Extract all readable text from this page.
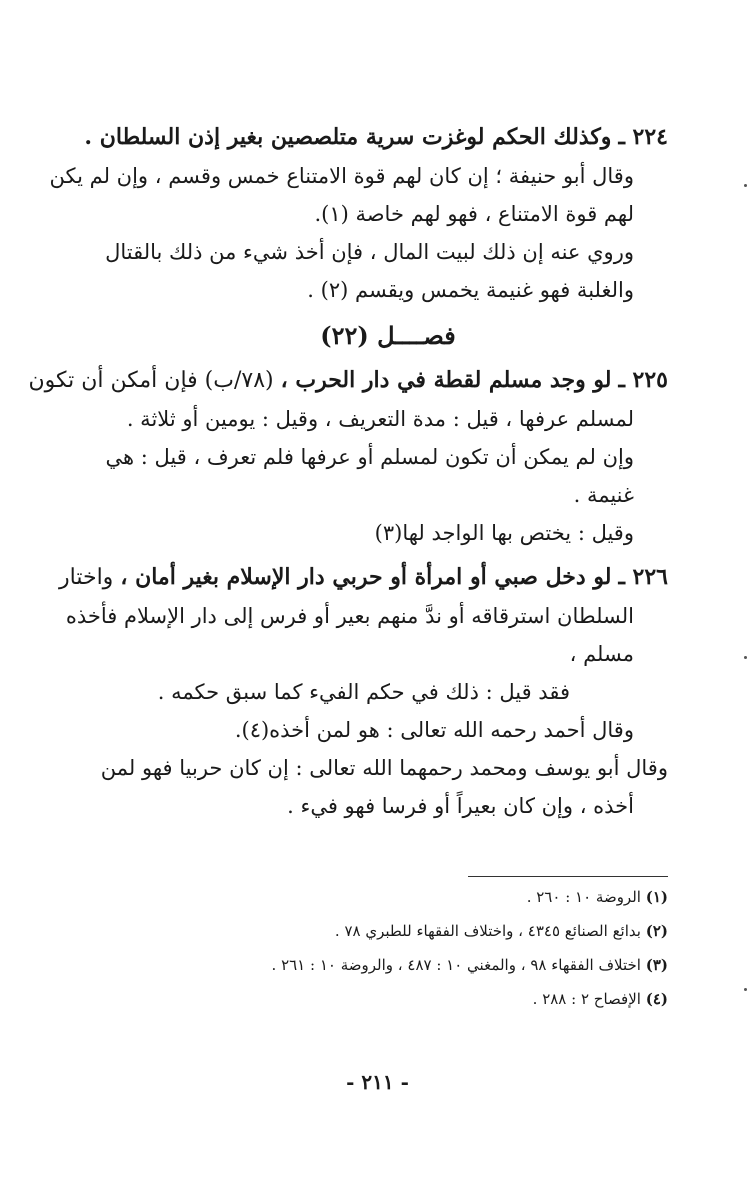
٢٢٤ ـ وكذلك الحكم لوغزت سرية متلصصين بغير إذن السلطان .
وقال أبو حنيفة ؛ إن كان لهم قوة الامتناع خمس وقسم ، وإن لم يكن
لهم قوة الامتناع ، فهو لهم خاصة (١).
وروي عنه إن ذلك لبيت المال ، فإن أخذ شيء من ذلك بالقتال
والغلبة فهو غنيمة يخمس ويقسم (٢) .
فصــــل (٢٢)
٢٢٥ ـ لو وجد مسلم لقطة في دار الحرب ، (٧٨/ب) فإن أمكن أن تكون
لمسلم عرفها ، قيل : مدة التعريف ، وقيل : يومين أو ثلاثة .
وإن لم يمكن أن تكون لمسلم أو عرفها فلم تعرف ، قيل : هي
غنيمة .
وقيل : يختص بها الواجد لها(٣)
٢٢٦ ـ لو دخل صبي أو امرأة أو حربي دار الإسلام بغير أمان ، واختار
السلطان استرقاقه أو ندَّ منهم بعير أو فرس إلى دار الإسلام فأخذه
مسلم ،
فقد قيل : ذلك في حكم الفيء كما سبق حكمه .
وقال أحمد رحمه الله تعالى : هو لمن أخذه(٤).
وقال أبو يوسف ومحمد رحمهما الله تعالى : إن كان حربيا فهو لمن
أخذه ، وإن كان بعيراً أو فرسا فهو فيء .
(١) الروضة ١٠ : ٢٦٠ .
(٢) بدائع الصنائع ٤٣٤٥ ، واختلاف الفقهاء للطبري ٧٨ .
(٣) اختلاف الفقهاء ٩٨ ، والمغني ١٠ : ٤٨٧ ، والروضة ١٠ : ٢٦١ .
(٤) الإفصاح ٢ : ٢٨٨ .
- ٢١١ -
